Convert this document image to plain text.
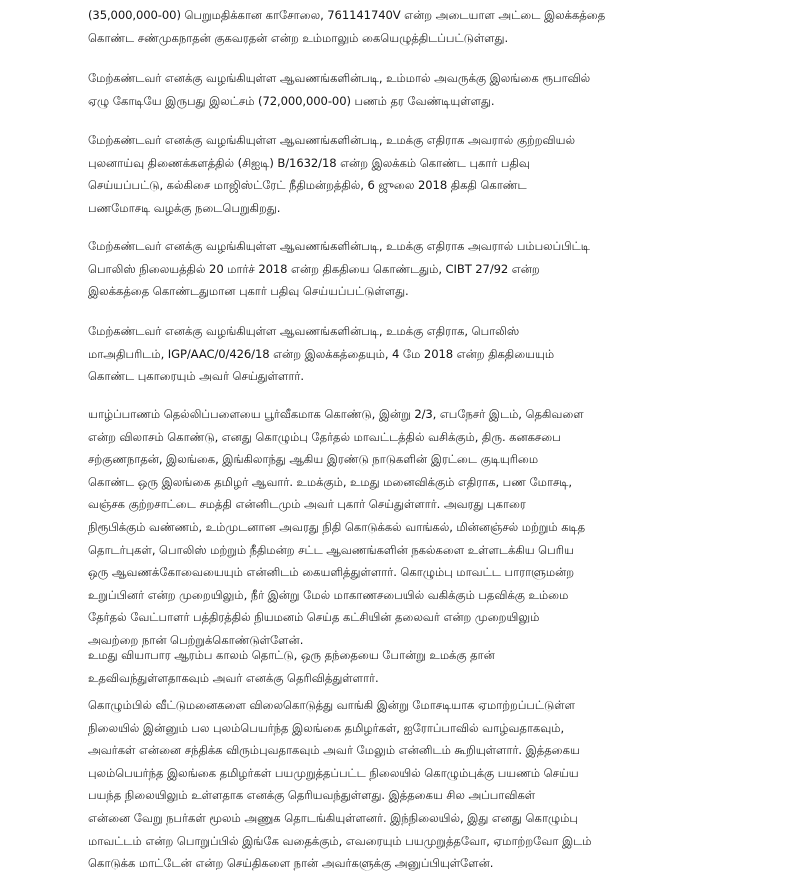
(35,000,000-00) பெறுமதிக்கான காசோலை, 761141740V என்ற அடையாள அட்டை இலக்கத்தை
கொண்ட சண்முகநாதன் குகவரதன் என்ற உம்மாலும் கையெழுத்திடப்பட்டுள்ளது.
மேற்கண்டவர் எனக்கு வழங்கியுள்ள ஆவணங்களின்படி, உம்மால் அவருக்கு இலங்கை ரூபாவில்
ஏழு கோடியே இருபது இலட்சம் (72,000,000-00) பணம் தர வேண்டியுள்ளது.
மேற்கண்டவர் எனக்கு வழங்கியுள்ள ஆவணங்களின்படி, உமக்கு எதிராக அவரால் குற்றவியல்
புலனாய்வு திணைக்களத்தில் (சிஐடி) B/1632/18 என்ற இலக்கம் கொண்ட புகார் பதிவு
செய்யப்பட்டு, கல்கிசை மாஜிஸ்ட்ரேட் நீதிமன்றத்தில், 6 ஜுலை 2018 திகதி கொண்ட
பணமோசடி வழக்கு நடைபெறுகிறது.
மேற்கண்டவர் எனக்கு வழங்கியுள்ள ஆவணங்களின்படி, உமக்கு எதிராக அவரால் பம்பலப்பிட்டி
பொலிஸ் நிலையத்தில் 20 மார்ச் 2018 என்ற திகதியை கொண்டதும், CIBT 27/92 என்ற
இலக்கத்தை கொண்டதுமான புகார் பதிவு செய்யப்பட்டுள்ளது.
மேற்கண்டவர் எனக்கு வழங்கியுள்ள ஆவணங்களின்படி, உமக்கு எதிராக, பொலிஸ்
மாஅதிபரிடம், IGP/AAC/0/426/18 என்ற இலக்கத்தையும், 4 மே 2018 என்ற திகதியையும்
கொண்ட புகாரையும் அவர் செய்துள்ளார்.
யாழ்ப்பாணம் தெல்லிப்பளையை பூர்வீகமாக கொண்டு, இன்று 2/3, எபநேசர் இடம், தெகிவளை
என்ற விலாசம் கொண்டு, எனது கொழும்பு தேர்தல் மாவட்டத்தில் வசிக்கும், திரு. கனகசபை
சற்குணநாதன், இலங்கை, இங்கிலாந்து ஆகிய இரண்டு நாடுகளின் இரட்டை குடியுரிமை
கொண்ட ஒரு இலங்கை தமிழர் ஆவார். உமக்கும், உமது மனைவிக்கும் எதிராக, பண மோசடி,
வஞ்சக குற்றசாட்டை சமத்தி என்னிடமும் அவர் புகார் செய்துள்ளார். அவரது புகாரை
நிரூபிக்கும் வண்ணம், உம்முடனான அவரது நிதி கொடுக்கல் வாங்கல், மின்னஞ்சல் மற்றும் கடித
தொடர்புகள், பொலிஸ் மற்றும் நீதிமன்ற சட்ட ஆவணங்களின் நகல்களை உள்ளடக்கிய பெரிய
ஒரு ஆவணக்கோவையையும் என்னிடம் கையளித்துள்ளார். கொழும்பு மாவட்ட பாராளுமன்ற
உறுப்பினர் என்ற முறையிலும், நீர் இன்று மேல் மாகாணசபையில் வகிக்கும் பதவிக்கு உம்மை
தேர்தல் வேட்பாளர் பத்திரத்தில் நியமனம் செய்த கட்சியின் தலைவர் என்ற முறையிலும்
அவற்றை நான் பெற்றுக்கொண்டுள்ளேன்.
உமது வியாபார ஆரம்ப காலம் தொட்டு, ஒரு தந்தையை போன்று உமக்கு தான்
உதவிவந்துள்ளதாகவும் அவர் எனக்கு தெரிவித்துள்ளார்.
கொழும்பில் வீட்டுமனைகளை விலைகொடுத்து வாங்கி இன்று மோசடியாக ஏமாற்றப்பட்டுள்ள
நிலையில் இன்னும் பல புலம்பெயர்ந்த இலங்கை தமிழர்கள், ஐரோப்பாவில் வாழ்வதாகவும்,
அவர்கள் என்னை சந்திக்க விரும்புவதாகவும் அவர் மேலும் என்னிடம் கூறியுள்ளார். இத்தகைய
புலம்பெயர்ந்த இலங்கை தமிழர்கள் பயமுறுத்தப்பட்ட நிலையில் கொழும்புக்கு பயணம் செய்ய
பயந்த நிலையிலும் உள்ளதாக எனக்கு தெரியவந்துள்ளது. இத்தகைய சில அப்பாவிகள்
என்னை வேறு நபர்கள் மூலம் அணுக தொடங்கியுள்ளனர். இந்நிலையில், இது எனது கொழும்பு
மாவட்டம் என்ற பொறுப்பில் இங்கே வதைக்கும், எவரையும் பயமுறுத்தவோ, ஏமாற்றவோ இடம்
கொடுக்க மாட்டேன் என்ற செய்திகளை நான் அவர்களுக்கு அனுப்பியுள்ளேன்.
